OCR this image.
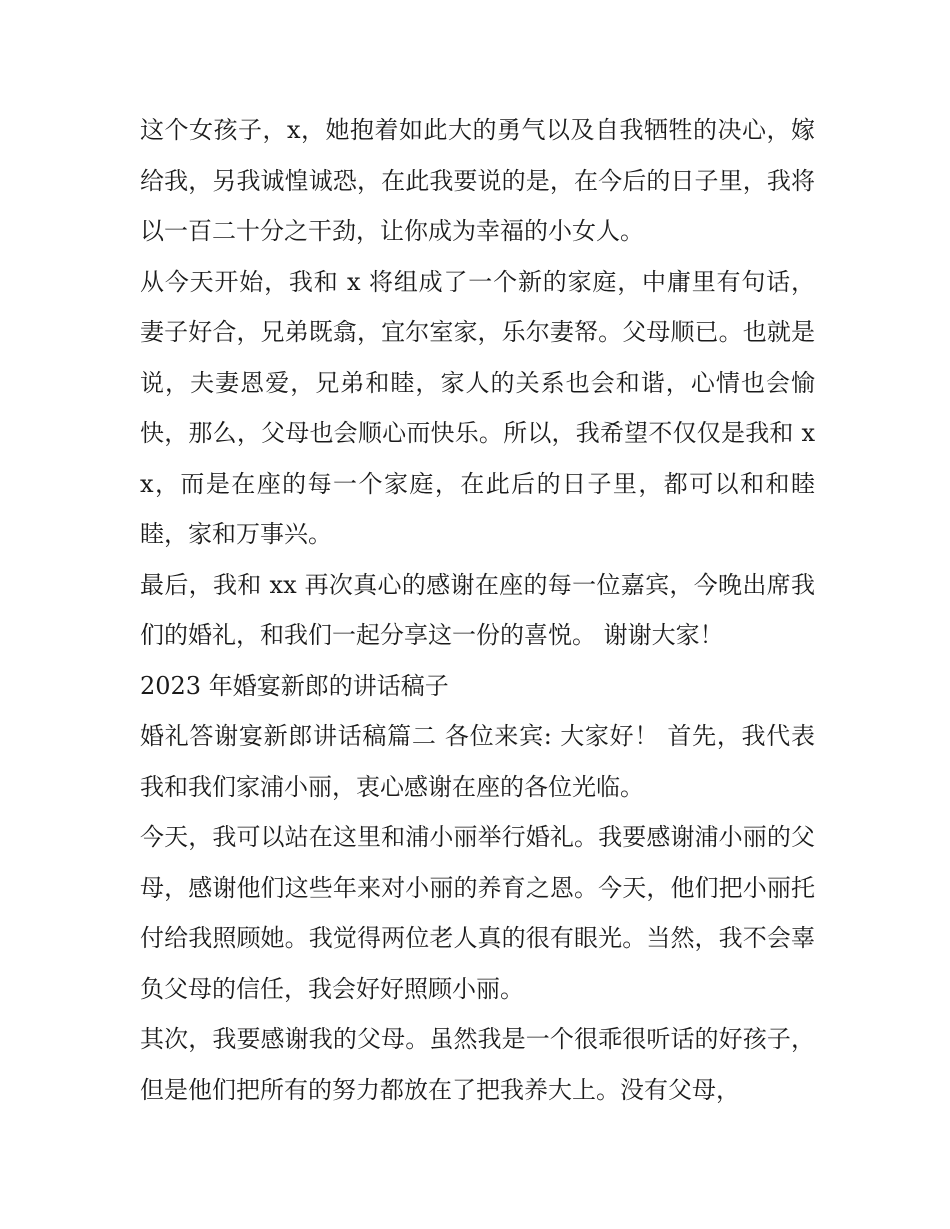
这个女孩子，x，她抱着如此大的勇气以及自我牺牲的决心，嫁给我，另我诚惶诚恐，在此我要说的是，在今后的日子里，我将以一百二十分之干劲，让你成为幸福的小女人。

从今天开始，我和 x 将组成了一个新的家庭，中庸里有句话，妻子好合，兄弟既翕，宜尔室家，乐尔妻帑。父母顺已。也就是说，夫妻恩爱，兄弟和睦，家人的关系也会和谐，心情也会愉快，那么，父母也会顺心而快乐。所以，我希望不仅仅是我和 xx，而是在座的每一个家庭，在此后的日子里，都可以和和睦睦，家和万事兴。

最后，我和 xx 再次真心的感谢在座的每一位嘉宾，今晚出席我们的婚礼，和我们一起分享这一份的喜悦。 谢谢大家！

2023 年婚宴新郎的讲话稿子

婚礼答谢宴新郎讲话稿篇二 各位来宾: 大家好！ 首先，我代表我和我们家浦小丽，衷心感谢在座的各位光临。

今天，我可以站在这里和浦小丽举行婚礼。我要感谢浦小丽的父母，感谢他们这些年来对小丽的养育之恩。今天，他们把小丽托付给我照顾她。我觉得两位老人真的很有眼光。当然，我不会辜负父母的信任，我会好好照顾小丽。

其次，我要感谢我的父母。虽然我是一个很乖很听话的好孩子，但是他们把所有的努力都放在了把我养大上。没有父母，
